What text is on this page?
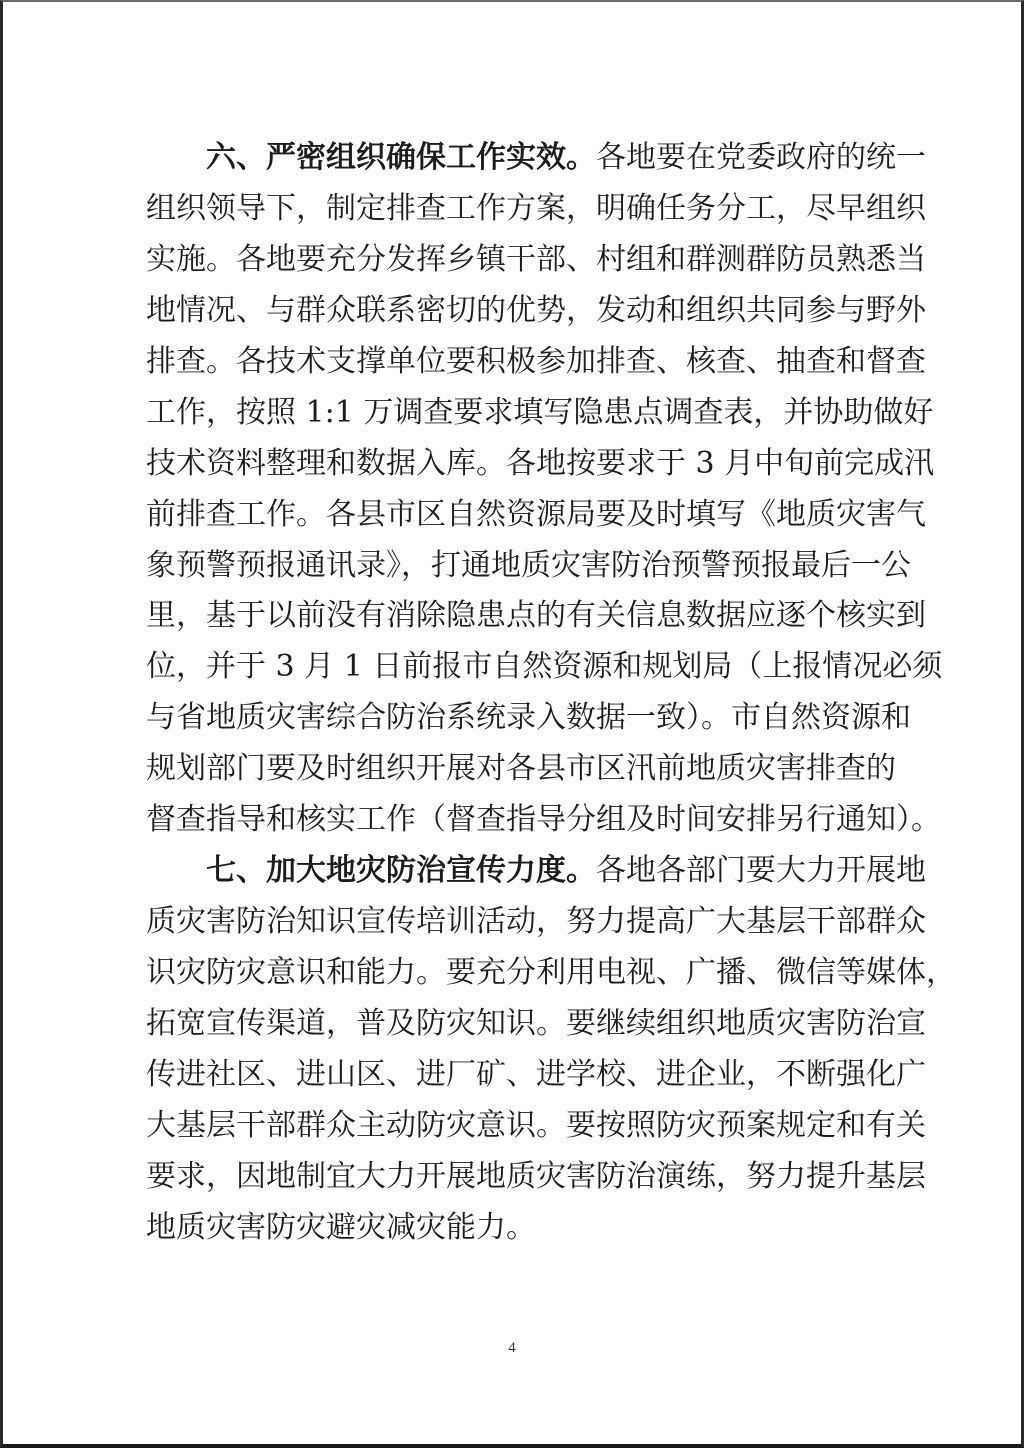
六、严密组织确保工作实效。各地要在党委政府的统一
组织领导下，制定排查工作方案，明确任务分工，尽早组织
实施。各地要充分发挥乡镇干部、村组和群测群防员熟悉当
地情况、与群众联系密切的优势，发动和组织共同参与野外
排查。各技术支撑单位要积极参加排查、核查、抽查和督查
工作，按照 1:1 万调查要求填写隐患点调查表，并协助做好
技术资料整理和数据入库。各地按要求于 3 月中旬前完成汛
前排查工作。各县市区自然资源局要及时填写《地质灾害气
象预警预报通讯录》，打通地质灾害防治预警预报最后一公
里，基于以前没有消除隐患点的有关信息数据应逐个核实到
位，并于 3 月 1 日前报市自然资源和规划局（上报情况必须
与省地质灾害综合防治系统录入数据一致）。市自然资源和
规划部门要及时组织开展对各县市区汛前地质灾害排查的
督查指导和核实工作（督查指导分组及时间安排另行通知）。
七、加大地灾防治宣传力度。各地各部门要大力开展地
质灾害防治知识宣传培训活动，努力提高广大基层干部群众
识灾防灾意识和能力。要充分利用电视、广播、微信等媒体，
拓宽宣传渠道，普及防灾知识。要继续组织地质灾害防治宣
传进社区、进山区、进厂矿、进学校、进企业，不断强化广
大基层干部群众主动防灾意识。要按照防灾预案规定和有关
要求，因地制宜大力开展地质灾害防治演练，努力提升基层
地质灾害防灾避灾减灾能力。
4
